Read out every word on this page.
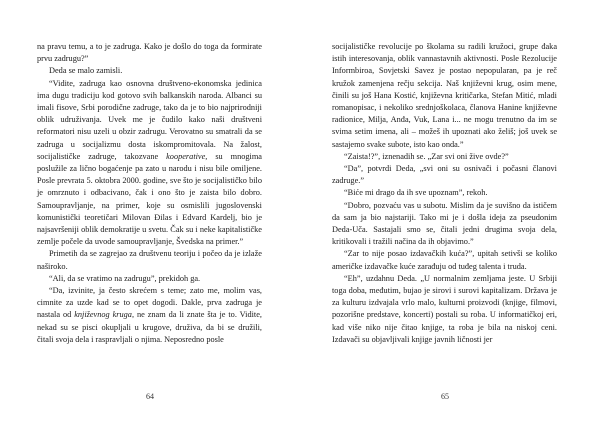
na pravu temu, a to je zadruga. Kako je došlo do toga da formirate prvu zadrugu?”

Deda se malo zamisli.

“Vidite, zadruga kao osnovna društveno-ekonomska jedinica ima dugu tradiciju kod gotovo svih balkanskih naroda. Albanci su imali fisove, Srbi porodične zadruge, tako da je to bio najprirodniji oblik udruživanja. Uvek me je čudilo kako naši društveni reformatori nisu uzeli u obzir zadrugu. Verovatno su smatrali da se zadruga u socijalizmu dosta iskompromitovala. Na žalost, socijalističke zadruge, takozvane kooperative, su mnogima poslužile za lično bogaćenje pa zato u narodu i nisu bile omiljene. Posle prevrata 5. oktobra 2000. godine, sve što je socijalističko bilo je omrznuto i odbacivano, čak i ono što je zaista bilo dobro. Samoupravljanje, na primer, koje su osmislili jugoslovenski komunistički teoretičari Milovan Đilas i Edvard Kardelj, bio je najsavršeniji oblik demokratije u svetu. Čak su i neke kapitalističke zemlje počele da uvode samoupravljanje, Švedska na primer.”

Primetih da se zagrejao za društvenu teoriju i počeo da je izlaže naširoko.

“Ali, da se vratimo na zadrugu”, prekidoh ga.

“Da, izvinite, ja često skrećem s teme; zato me, molim vas, cimnite za uzde kad se to opet dogodi. Dakle, prva zadruga je nastala od književnog kruga, ne znam da li znate šta je to. Vidite, nekad su se pisci okupljali u krugove, druživa, da bi se družili, čitali svoja dela i raspravljali o njima. Neposredno posle

64

socijalističke revolucije po školama su radili kružoci, grupe đaka istih interesovanja, oblik vannastavnih aktivnosti. Posle Rezolucije Informbiroa, Sovjetski Savez je postao nepopularan, pa je reč kružok zamenjena rečju sekcija. Naš književni krug, osim mene, činili su još Hana Kostić, književna kritičarka, Stefan Mitić, mladi romanopisac, i nekoliko srednjoškolaca, članova Hanine književne radionice, Milja, Anđa, Vuk, Lana i... ne mogu trenutno da im se svima setim imena, ali – možeš ih upoznati ako želiš; još uvek se sastajemo svake subote, isto kao onda.”

“Zaista!?”, iznenadih se. „Zar svi oni žive ovde?”

“Da”, potvrdi Deda, „svi oni su osnivači i počasni članovi zadruge.”

“Biće mi drago da ih sve upoznam”, rekoh.

“Dobro, pozvaću vas u subotu. Mislim da je suvišno da ističem da sam ja bio najstariji. Tako mi je i došla ideja za pseudonim Deda-Uča. Sastajali smo se, čitali jedni drugima svoja dela, kritikovali i tražili načina da ih objavimo.”

“Zar to nije posao izdavačkih kuća?”, upitah setivši se koliko američke izdavačke kuće zarađuju od tuđeg talenta i truda.

“Eh”, uzdahnu Deda. „U normalnim zemljama jeste. U Srbiji toga doba, međutim, bujao je sirovi i surovi kapitalizam. Država je za kulturu izdvajala vrlo malo, kulturni proizvodi (knjige, filmovi, pozorišne predstave, koncerti) postali su roba. U informatičkoj eri, kad više niko nije čitao knjige, ta roba je bila na niskoj ceni. Izdavači su objavljivali knjige javnih ličnosti jer

65
